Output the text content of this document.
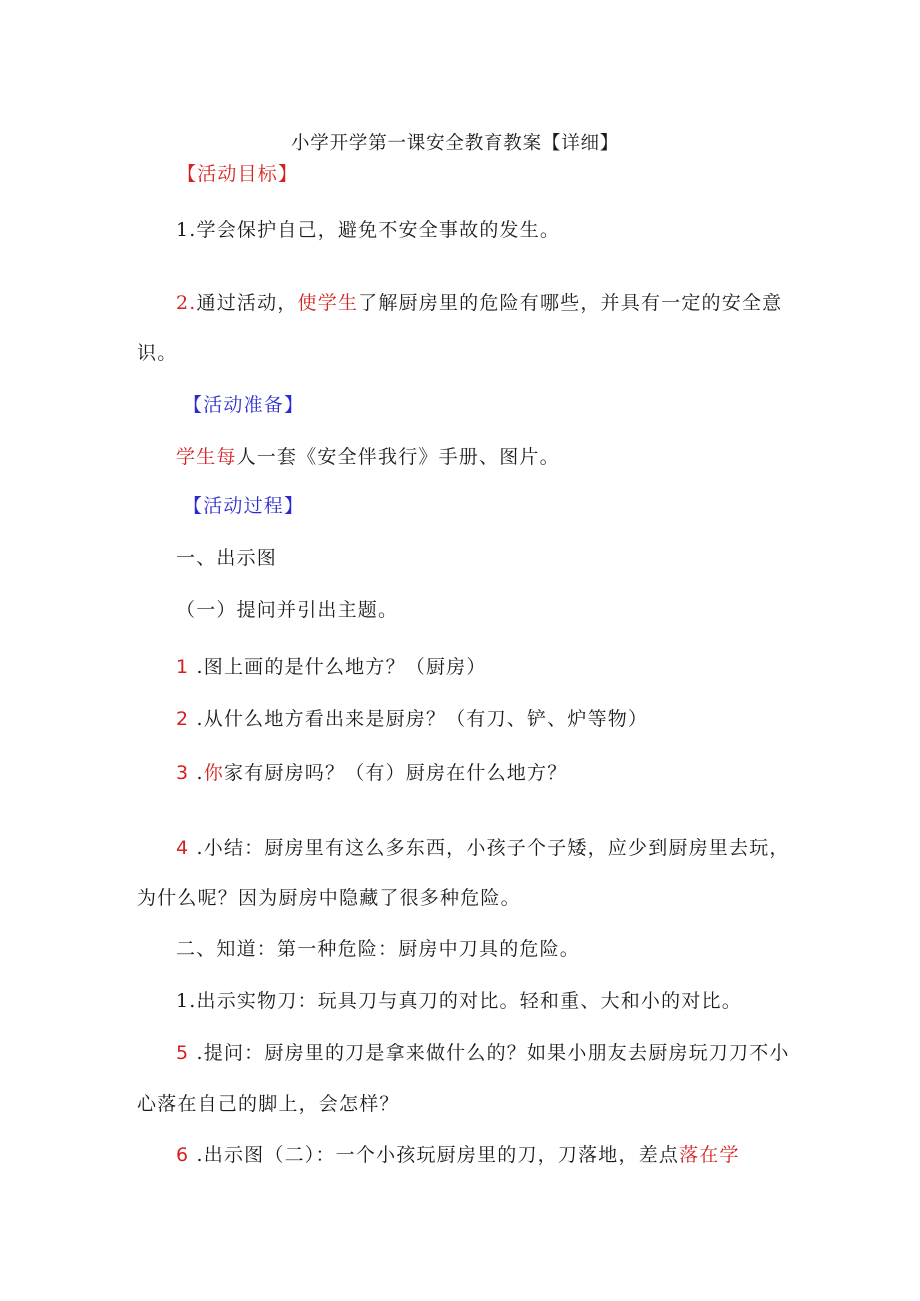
小学开学第一课安全教育教案【详细】
【活动目标】
1.学会保护自己，避免不安全事故的发生。
2.通过活动，使学生了解厨房里的危险有哪些，并具有一定的安全意
识。
【活动准备】
学生每人一套《安全伴我行》手册、图片。
【活动过程】
一、出示图
（一）提问并引出主题。
1 .图上画的是什么地方？（厨房）
2 .从什么地方看出来是厨房？（有刀、铲、炉等物）
3 .你家有厨房吗？（有）厨房在什么地方？
4 .小结：厨房里有这么多东西，小孩子个子矮，应少到厨房里去玩，
为什么呢？因为厨房中隐藏了很多种危险。
二、知道：第一种危险：厨房中刀具的危险。
1.出示实物刀：玩具刀与真刀的对比。轻和重、大和小的对比。
5 .提问：厨房里的刀是拿来做什么的？如果小朋友去厨房玩刀刀不小
心落在自己的脚上，会怎样？
6 .出示图（二）：一个小孩玩厨房里的刀，刀落地，差点落在学
